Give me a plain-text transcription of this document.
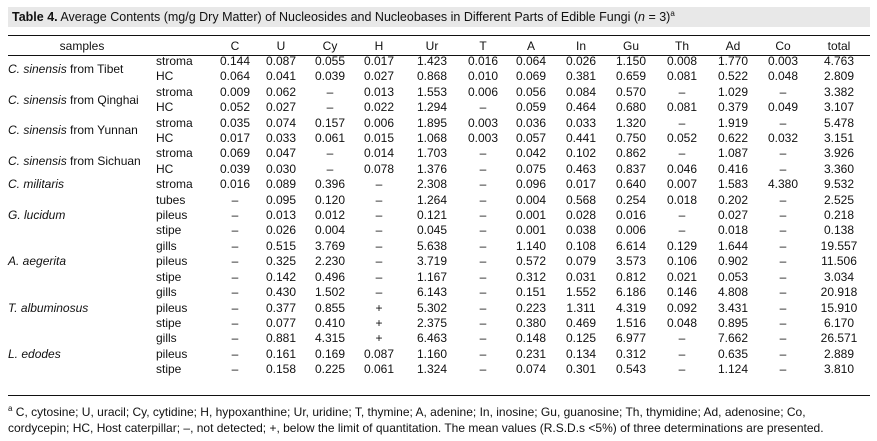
Table 4. Average Contents (mg/g Dry Matter) of Nucleosides and Nucleobases in Different Parts of Edible Fungi (n = 3)$^a$
samples		C	U	Cy	H	Ur	T	A	In	Gu	Th	Ad	Co	total
C. sinensis from Tibet	stroma	0.144	0.087	0.055	0.017	1.423	0.016	0.064	0.026	1.150	0.008	1.770	0.003	4.763
	HC	0.064	0.041	0.039	0.027	0.868	0.010	0.069	0.381	0.659	0.081	0.522	0.048	2.809
C. sinensis from Qinghai	stroma	0.009	0.062	–	0.013	1.553	0.006	0.056	0.084	0.570	–	1.029	–	3.382
	HC	0.052	0.027	–	0.022	1.294	–	0.059	0.464	0.680	0.081	0.379	0.049	3.107
C. sinensis from Yunnan	stroma	0.035	0.074	0.157	0.006	1.895	0.003	0.036	0.033	1.320	–	1.919	–	5.478
	HC	0.017	0.033	0.061	0.015	1.068	0.003	0.057	0.441	0.750	0.052	0.622	0.032	3.151
C. sinensis from Sichuan	stroma	0.069	0.047	–	0.014	1.703	–	0.042	0.102	0.862	–	1.087	–	3.926
	HC	0.039	0.030	–	0.078	1.376	–	0.075	0.463	0.837	0.046	0.416	–	3.360
C. militaris	stroma	0.016	0.089	0.396	–	2.308	–	0.096	0.017	0.640	0.007	1.583	4.380	9.532
	tubes	–	0.095	0.120	–	1.264	–	0.004	0.568	0.254	0.018	0.202	–	2.525
G. lucidum	pileus	–	0.013	0.012	–	0.121	–	0.001	0.028	0.016	–	0.027	–	0.218
	stipe	–	0.026	0.004	–	0.045	–	0.001	0.038	0.006	–	0.018	–	0.138
	gills	–	0.515	3.769	–	5.638	–	1.140	0.108	6.614	0.129	1.644	–	19.557
A. aegerita	pileus	–	0.325	2.230	–	3.719	–	0.572	0.079	3.573	0.106	0.902	–	11.506
	stipe	–	0.142	0.496	–	1.167	–	0.312	0.031	0.812	0.021	0.053	–	3.034
	gills	–	0.430	1.502	–	6.143	–	0.151	1.552	6.186	0.146	4.808	–	20.918
T. albuminosus	pileus	–	0.377	0.855	+	5.302	–	0.223	1.311	4.319	0.092	3.431	–	15.910
	stipe	–	0.077	0.410	+	2.375	–	0.380	0.469	1.516	0.048	0.895	–	6.170
	gills	–	0.881	4.315	+	6.463	–	0.148	0.125	6.977	–	7.662	–	26.571
L. edodes	pileus	–	0.161	0.169	0.087	1.160	–	0.231	0.134	0.312	–	0.635	–	2.889
	stipe	–	0.158	0.225	0.061	1.324	–	0.074	0.301	0.543	–	1.124	–	3.810
$^a$ C, cytosine; U, uracil; Cy, cytidine; H, hypoxanthine; Ur, uridine; T, thymine; A, adenine; In, inosine; Gu, guanosine; Th, thymidine; Ad, adenosine; Co, cordycepin; HC, Host caterpillar; –, not detected; +, below the limit of quantitation. The mean values (R.S.D.s <5%) of three determinations are presented.
